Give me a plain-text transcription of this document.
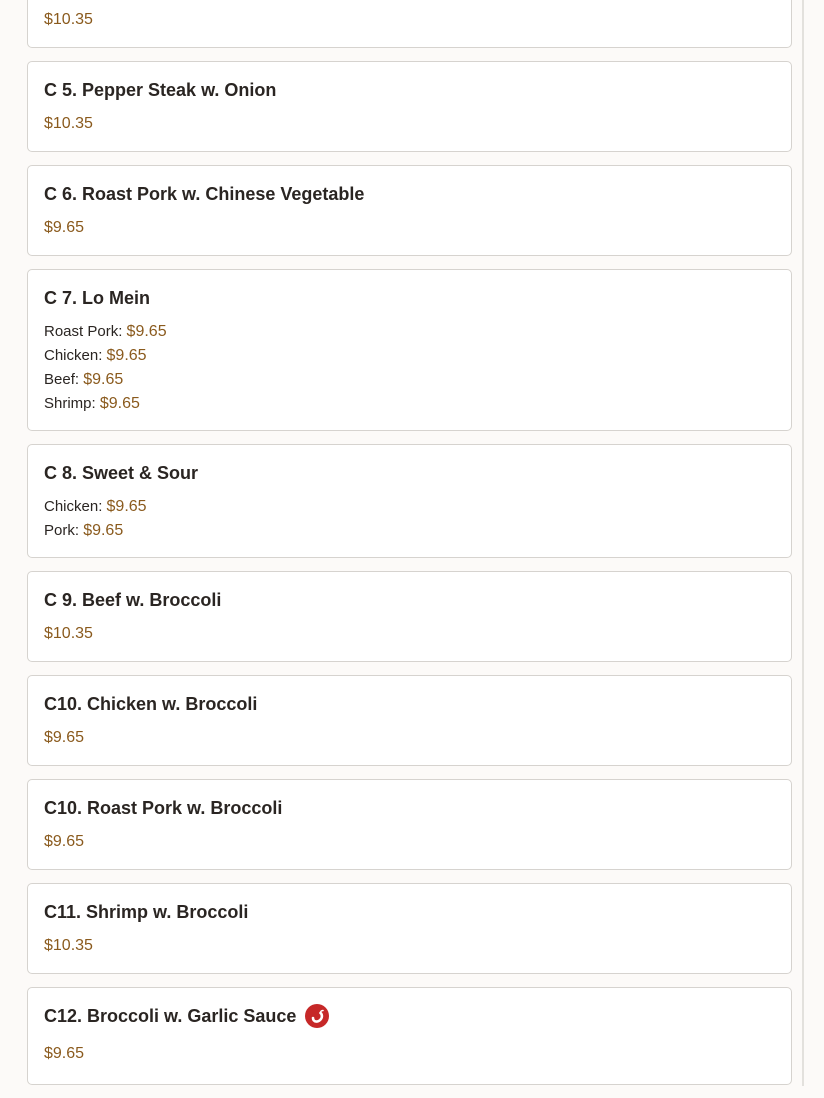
$10.35
C 5. Pepper Steak w. Onion
$10.35
C 6. Roast Pork w. Chinese Vegetable
$9.65
C 7. Lo Mein
Roast Pork: $9.65
Chicken: $9.65
Beef: $9.65
Shrimp: $9.65
C 8. Sweet & Sour
Chicken: $9.65
Pork: $9.65
C 9. Beef w. Broccoli
$10.35
C10. Chicken w. Broccoli
$9.65
C10. Roast Pork w. Broccoli
$9.65
C11. Shrimp w. Broccoli
$10.35
C12. Broccoli w. Garlic Sauce
$9.65
